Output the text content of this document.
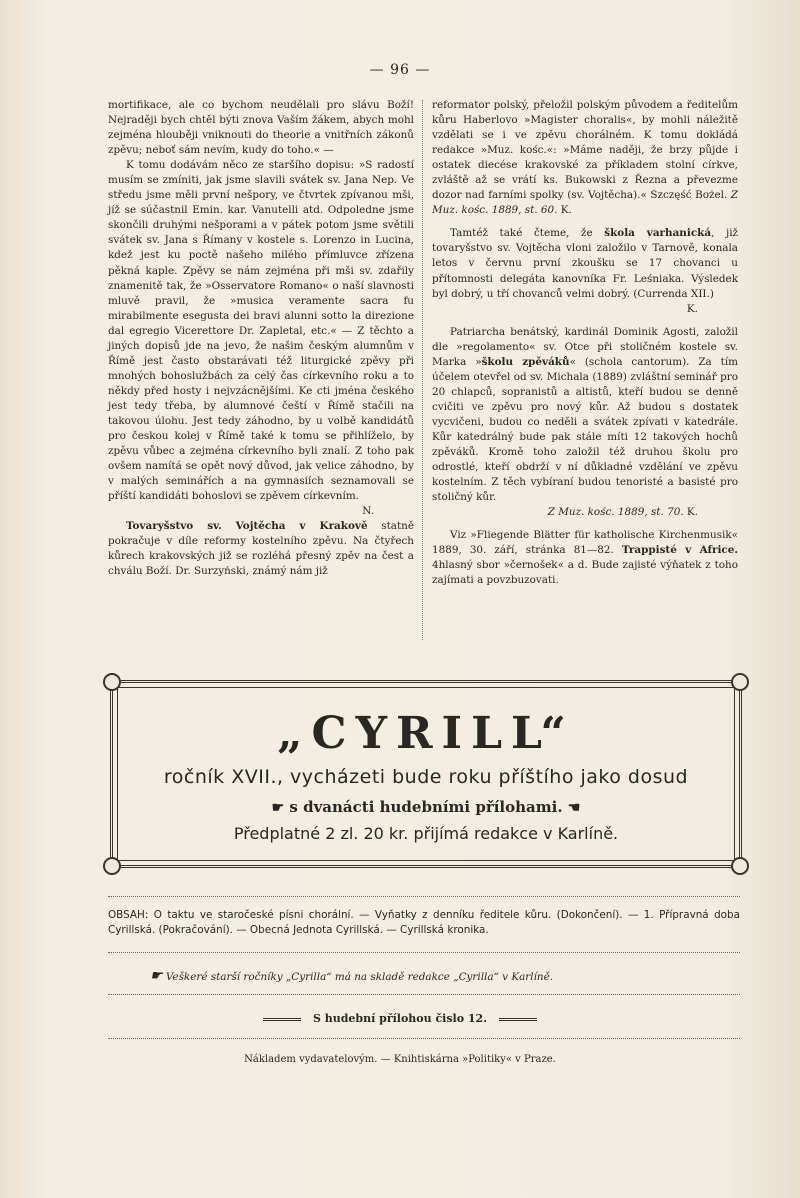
— 96 —

mortifikace, ale co bychom neudělali pro slávu Boží! Nejraději bych chtěl býti znova Vaším žákem, abych mohl zejména hlouběji vniknouti do theorie a vnitřních zákonů zpěvu; neboť sám nevím, kudy do toho.« —

K tomu dodávám něco ze staršího dopisu: »S radostí musím se zmíniti, jak jsme slavili svátek sv. Jana Nep. Ve středu jsme měli první nešpory, ve čtvrtek zpívanou mši, jíž se súčastnil Emin. kar. Vanutelli atd. Odpoledne jsme skončili druhými nešporami a v pátek potom jsme světili svátek sv. Jana s Římany v kostele s. Lorenzo in Lucina, kdež jest ku poctě našeho milého přímluvce zřízena pěkná kaple. Zpěvy se nám zejména při mši sv. zdařily znamenitě tak, že »Osservatore Romano« o naší slavnosti mluvě pravil, že »musica veramente sacra fu mirabilmente esegusta dei bravi alunni sotto la direzione dal egregio Vicerettore Dr. Zapletal, etc.« — Z těchto a jiných dopisů jde na jevo, že našim českým alumnům v Římě jest často obstarávati též liturgické zpěvy při mnohých bohoslužbách za celý čas církevního roku a to někdy před hosty i nejvzácnějšími. Ke cti jména českého jest tedy třeba, by alumnové čeští v Římě stačili na takovou úlohu. Jest tedy záhodno, by u volbě kandidátů pro českou kolej v Římě také k tomu se přihlíželo, by zpěvu vůbec a zejména církevního byli znalí. Z toho pak ovšem namítá se opět nový důvod, jak velice záhodno, by v malých seminářích a na gymnasiích seznamovali se příští kandidáti bohoslovi se zpěvem církevním.

N.

Tovaryšstvo sv. Vojtěcha v Krakově statně pokračuje v díle reformy kostelního zpěvu. Na čtyřech kůrech krakovských již se rozléhá přesný zpěv na čest a chválu Boží. Dr. Surzyński, známý nám již

reformator polský, přeložil polským původem a ředitelům kůru Haberlovo »Magister choralis«, by mohli náležitě vzdělati se i ve zpěvu chorálném. K tomu dokládá redakce »Muz. kośc.«: »Máme naději, že brzy půjde i ostatek diecése krakovské za příkladem stolní církve, zvláště až se vrátí ks. Bukowski z Řezna a převezme dozor nad farními spolky (sv. Vojtěcha).« Szczęść Bożel. Z Muz. kośc. 1889, st. 60. K.

Tamtéž také čteme, že škola varhanická, již tovaryšstvo sv. Vojtěcha vloni založilo v Tarnově, konala letos v červnu první zkoušku se 17 chovanci u přítomnosti delegáta kanovníka Fr. Leśniaka. Výsledek byl dobrý, u tří chovanců velmi dobrý. (Currenda XII.)

K.

Patriarcha benátský, kardinál Dominik Agosti, založil dle »regolamento« sv. Otce při stoličném kostele sv. Marka »školu zpěváků« (schola cantorum). Za tím účelem otevřel od sv. Michala (1889) zvláštní seminář pro 20 chlapců, sopranistů a altistů, kteří budou se denně cvičiti ve zpěvu pro nový kůr. Až budou s dostatek vycvičeni, budou co neděli a svátek zpívati v katedrále. Kůr katedrálný bude pak stále míti 12 takových hochů zpěváků. Kromě toho založil též druhou školu pro odrostlé, kteří obdrží v ní důkladné vzdělání ve zpěvu kostelním. Z těch vybíraní budou tenoristé a basisté pro stoličný kůr.

Z Muz. kośc. 1889, st. 70. K.

Viz »Fliegende Blätter für katholische Kirchenmusik« 1889, 30. září, stránka 81—82. Trappisté v Africe. 4hlasný sbor »černošek« a d. Bude zajisté výňatek z toho zajímati a povzbuzovati.

„CYRILL“
ročník XVII., vycházeti bude roku příštího jako dosud
☛ s dvanácti hudebními přílohami. ☚
Předplatné 2 zl. 20 kr. přijímá redakce v Karlíně.
OBSAH: O taktu ve staročeské písni chorální. — Vyňatky z denníku ředitele kůru. (Dokončení). — 1. Přípravná doba Cyrillská. (Pokračování). — Obecná Jednota Cyrillská. — Cyrillská kronika.
☛ Veškeré starší ročníky „Cyrilla“ má na skladě redakce „Cyrilla“ v Karlíně.
S hudební přílohou čislo 12.
Nákladem vydavatelovým. — Knihtiskárna »Politiky« v Praze.
